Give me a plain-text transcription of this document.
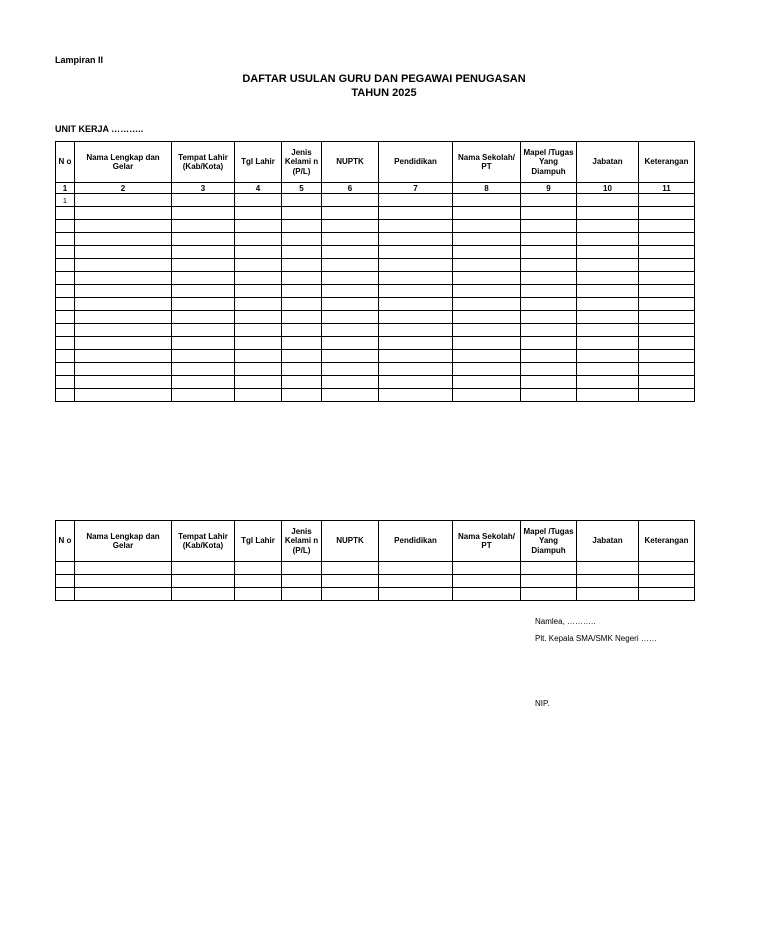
Lampiran II
DAFTAR USULAN GURU DAN PEGAWAI PENUGASAN
TAHUN 2025
UNIT KERJA ………..
N o	Nama Lengkap dan Gelar	Tempat Lahir (Kab/Kota)	Tgl Lahir	Jenis Kelami n (P/L)	NUPTK	Pendidikan	Nama Sekolah/ PT	Mapel /Tugas Yang Diampuh	Jabatan	Keterangan
1	2	3	4	5	6	7	8	9	10	11
1										

N o	Nama Lengkap dan Gelar	Tempat Lahir (Kab/Kota)	Tgl Lahir	Jenis Kelami n (P/L)	NUPTK	Pendidikan	Nama Sekolah/ PT	Mapel /Tugas Yang Diampuh	Jabatan	Keterangan

Namlea, ………..
Plt. Kepala SMA/SMK Negeri ……
NIP.
